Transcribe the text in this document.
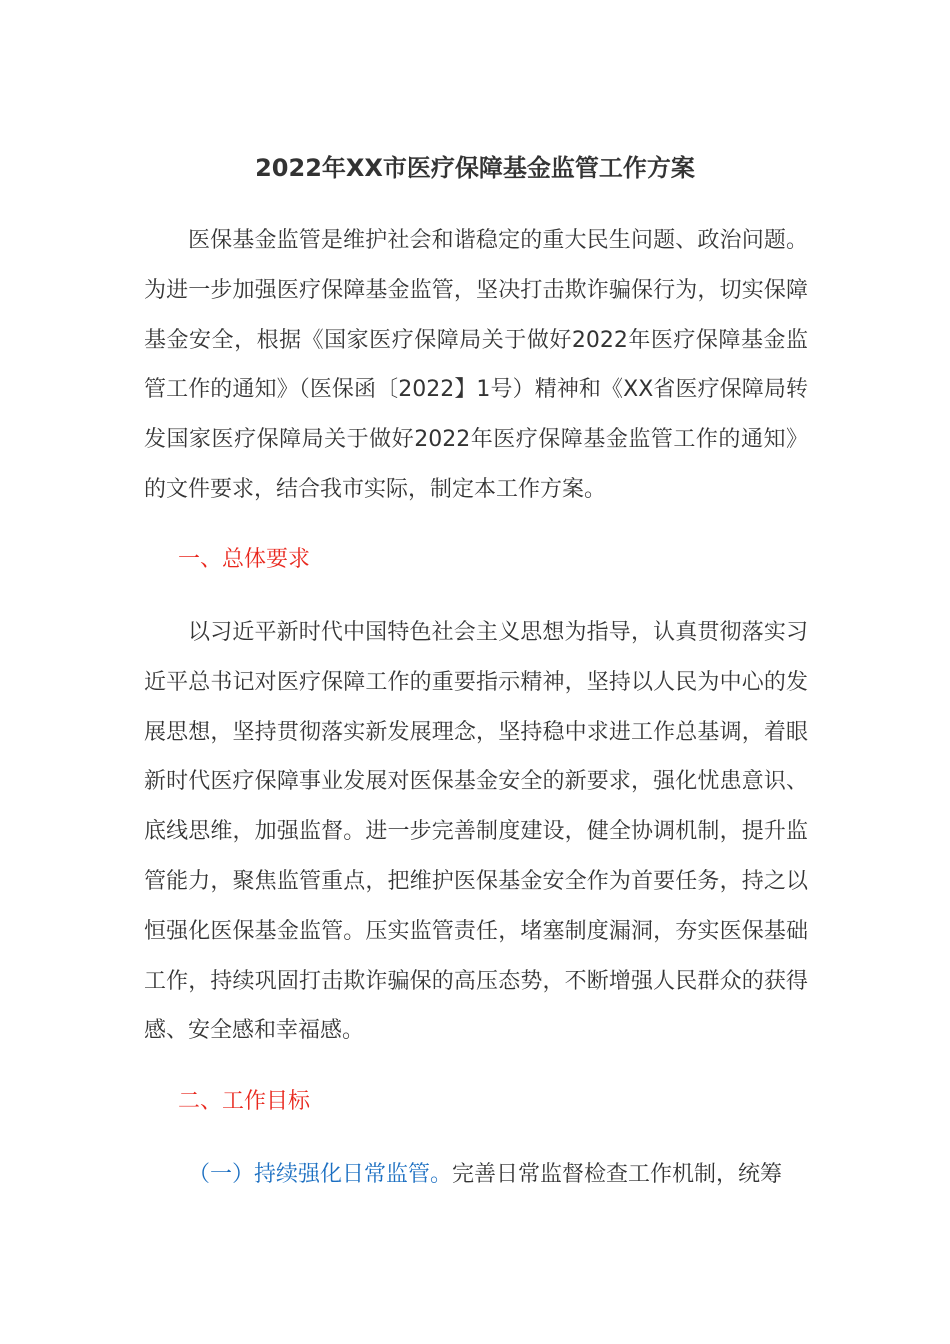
2022年XX市医疗保障基金监管工作方案
医保基金监管是维护社会和谐稳定的重大民生问题、政治问题。为进一步加强医疗保障基金监管，坚决打击欺诈骗保行为，切实保障基金安全，根据《国家医疗保障局关于做好2022年医疗保障基金监管工作的通知》（医保函〔2022】1号）精神和《XX省医疗保障局转发国家医疗保障局关于做好2022年医疗保障基金监管工作的通知》的文件要求，结合我市实际，制定本工作方案。
一、总体要求
以习近平新时代中国特色社会主义思想为指导，认真贯彻落实习近平总书记对医疗保障工作的重要指示精神，坚持以人民为中心的发展思想，坚持贯彻落实新发展理念，坚持稳中求进工作总基调，着眼新时代医疗保障事业发展对医保基金安全的新要求，强化忧患意识、底线思维，加强监督。进一步完善制度建设，健全协调机制，提升监管能力，聚焦监管重点，把维护医保基金安全作为首要任务，持之以恒强化医保基金监管。压实监管责任，堵塞制度漏洞，夯实医保基础工作，持续巩固打击欺诈骗保的高压态势，不断增强人民群众的获得感、安全感和幸福感。
二、工作目标
（一）持续强化日常监管。完善日常监督检查工作机制，统筹
